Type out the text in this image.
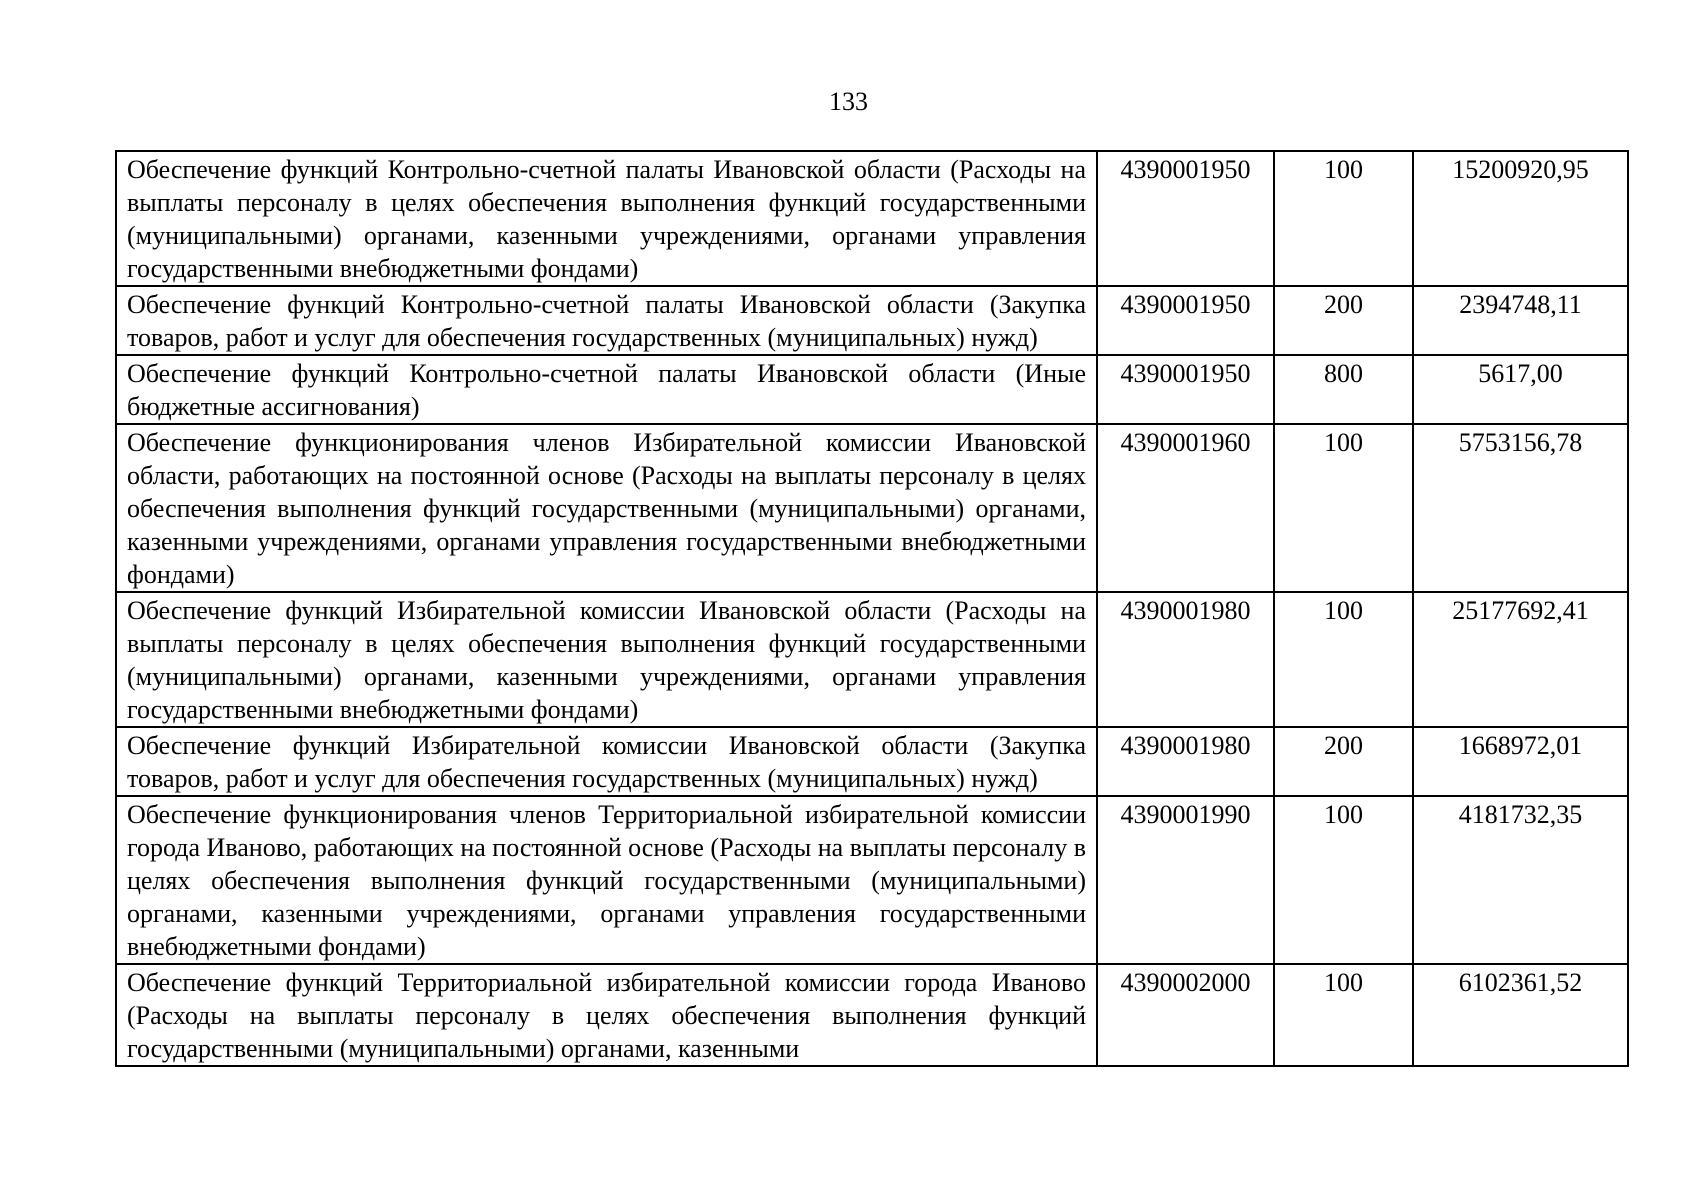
133
Обеспечение функций Контрольно-счетной палаты Ивановской области (Расходы на выплаты персоналу в целях обеспечения выполнения функций государственными (муниципальными) органами, казенными учреждениями, органами управления государственными внебюджетными фондами)	4390001950	100	15200920,95
Обеспечение функций Контрольно-счетной палаты Ивановской области (Закупка товаров, работ и услуг для обеспечения государственных (муниципальных) нужд)	4390001950	200	2394748,11
Обеспечение функций Контрольно-счетной палаты Ивановской области (Иные бюджетные ассигнования)	4390001950	800	5617,00
Обеспечение функционирования членов Избирательной комиссии Ивановской области, работающих на постоянной основе (Расходы на выплаты персоналу в целях обеспечения выполнения функций государственными (муниципальными) органами, казенными учреждениями, органами управления государственными внебюджетными фондами)	4390001960	100	5753156,78
Обеспечение функций Избирательной комиссии Ивановской области (Расходы на выплаты персоналу в целях обеспечения выполнения функций государственными (муниципальными) органами, казенными учреждениями, органами управления государственными внебюджетными фондами)	4390001980	100	25177692,41
Обеспечение функций Избирательной комиссии Ивановской области (Закупка товаров, работ и услуг для обеспечения государственных (муниципальных) нужд)	4390001980	200	1668972,01
Обеспечение функционирования членов Территориальной избирательной комиссии города Иваново, работающих на постоянной основе (Расходы на выплаты персоналу в целях обеспечения выполнения функций государственными (муниципальными) органами, казенными учреждениями, органами управления государственными внебюджетными фондами)	4390001990	100	4181732,35
Обеспечение функций Территориальной избирательной комиссии города Иваново (Расходы на выплаты персоналу в целях обеспечения выполнения функций государственными (муниципальными) органами, казенными	4390002000	100	6102361,52
